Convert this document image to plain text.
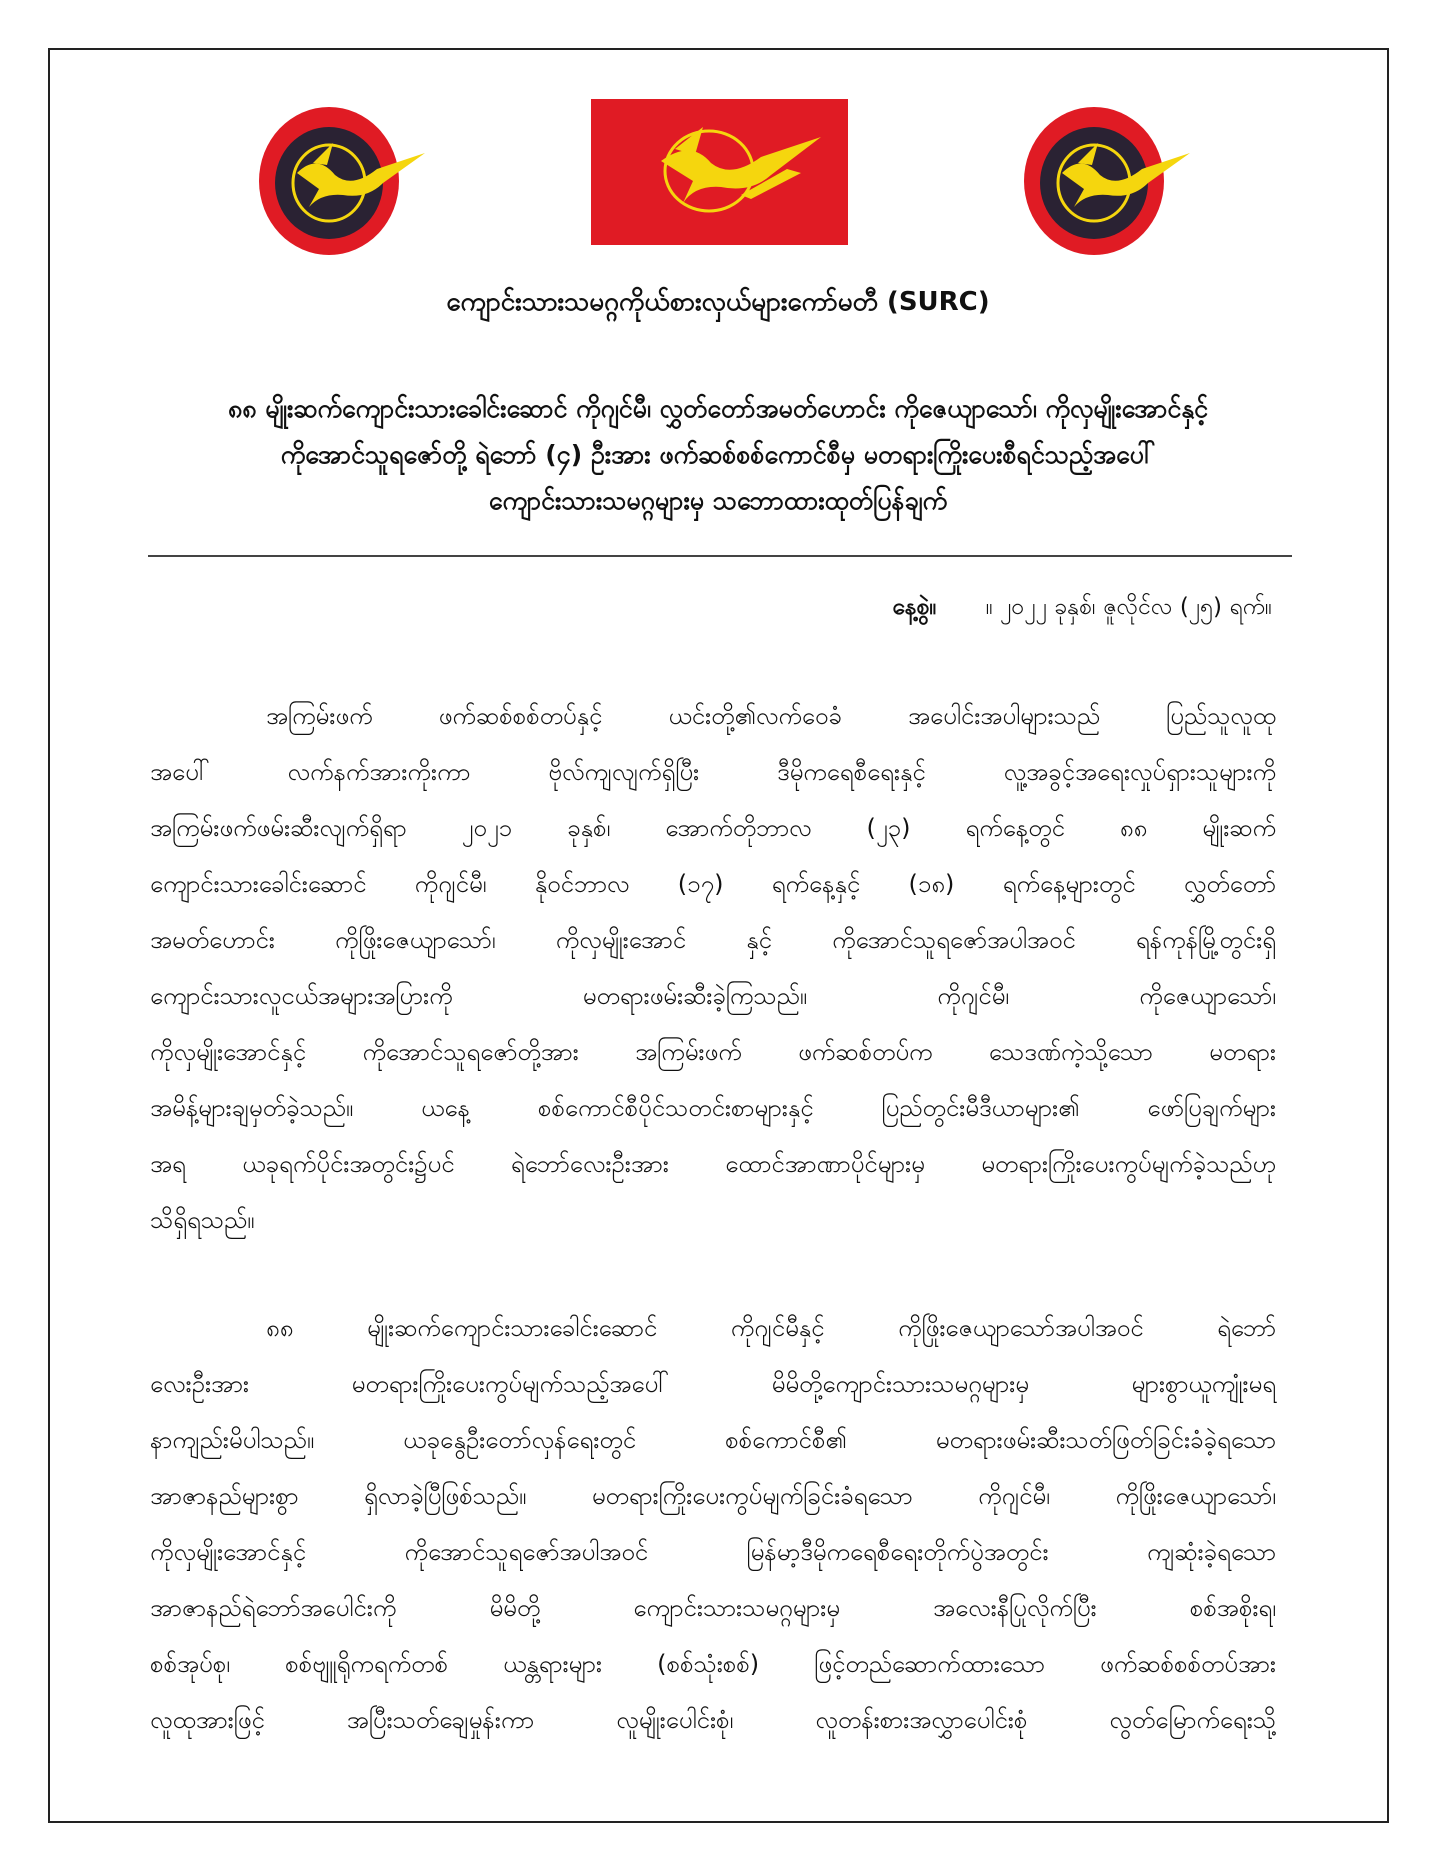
ကျောင်းသားသမဂ္ဂကိုယ်စားလှယ်များကော်မတီ (SURC)
၈၈ မျိုးဆက်ကျောင်းသားခေါင်းဆောင် ကိုဂျင်မီ၊ လွှတ်တော်အမတ်ဟောင်း ကိုဇေယျာသော်၊ ကိုလှမျိုးအောင်နှင့်
ကိုအောင်သူရဇော်တို့ ရဲဘော် (၄) ဦးအား ဖက်ဆစ်စစ်ကောင်စီမှ မတရားကြိုးပေးစီရင်သည့်အပေါ်
ကျောင်းသားသမဂ္ဂများမှ သဘောထားထုတ်ပြန်ချက်
နေ့စွဲ။ ။ ၂၀၂၂ ခုနှစ်၊ ဇူလိုင်လ (၂၅) ရက်။
အကြမ်းဖက် ဖက်ဆစ်စစ်တပ်နှင့် ယင်းတို့၏လက်ဝေခံ အပေါင်းအပါများသည် ပြည်သူလူထု
အပေါ် လက်နက်အားကိုးကာ ဗိုလ်ကျလျက်ရှိပြီး ဒီမိုကရေစီရေးနှင့် လူ့အခွင့်အရေးလှုပ်ရှားသူများကို
အကြမ်းဖက်ဖမ်းဆီးလျက်ရှိရာ ၂၀၂၁ ခုနှစ်၊ အောက်တိုဘာလ (၂၃) ရက်နေ့တွင် ၈၈ မျိုးဆက်
ကျောင်းသားခေါင်းဆောင် ကိုဂျင်မီ၊ နိုဝင်ဘာလ (၁၇) ရက်နေ့နှင့် (၁၈) ရက်နေ့များတွင် လွှတ်တော်
အမတ်ဟောင်း ကိုဖြိုးဇေယျာသော်၊ ကိုလှမျိုးအောင် နှင့် ကိုအောင်သူရဇော်အပါအဝင် ရန်ကုန်မြို့တွင်းရှိ
ကျောင်းသားလူငယ်အများအပြားကို မတရားဖမ်းဆီးခဲ့ကြသည်။ ကိုဂျင်မီ၊ ကိုဇေယျာသော်၊
ကိုလှမျိုးအောင်နှင့် ကိုအောင်သူရဇော်တို့အား အကြမ်းဖက် ဖက်ဆစ်တပ်က သေဒဏ်ကဲ့သို့သော မတရား
အမိန့်များချမှတ်ခဲ့သည်။ ယနေ့ စစ်ကောင်စီပိုင်သတင်းစာများနှင့် ပြည်တွင်းမီဒီယာများ၏ ဖော်ပြချက်များ
အရ ယခုရက်ပိုင်းအတွင်း၌ပင် ရဲဘော်လေးဦးအား ထောင်အာဏာပိုင်များမှ မတရားကြိုးပေးကွပ်မျက်ခဲ့သည်ဟု
သိရှိရသည်။
၈၈ မျိုးဆက်ကျောင်းသားခေါင်းဆောင် ကိုဂျင်မီနှင့် ကိုဖြိုးဇေယျာသော်အပါအဝင် ရဲဘော်
လေးဦးအား မတရားကြိုးပေးကွပ်မျက်သည့်အပေါ် မိမိတို့ကျောင်းသားသမဂ္ဂများမှ များစွာယူကျုံးမရ
နာကျည်းမိပါသည်။ ယခုနွေဦးတော်လှန်ရေးတွင် စစ်ကောင်စီ၏ မတရားဖမ်းဆီးသတ်ဖြတ်ခြင်းခံခဲ့ရသော
အာဇာနည်များစွာ ရှိလာခဲ့ပြီဖြစ်သည်။ မတရားကြိုးပေးကွပ်မျက်ခြင်းခံရသော ကိုဂျင်မီ၊ ကိုဖြိုးဇေယျာသော်၊
ကိုလှမျိုးအောင်နှင့် ကိုအောင်သူရဇော်အပါအဝင် မြန်မာ့ဒီမိုကရေစီရေးတိုက်ပွဲအတွင်း ကျဆုံးခဲ့ရသော
အာဇာနည်ရဲဘော်အပေါင်းကို မိမိတို့ ကျောင်းသားသမဂ္ဂများမှ အလေးနီပြုလိုက်ပြီး စစ်အစိုးရ၊
စစ်အုပ်စု၊ စစ်ဗျူရိုကရက်တစ် ယန္တရားများ (စစ်သုံးစစ်) ဖြင့်တည်ဆောက်ထားသော ဖက်ဆစ်စစ်တပ်အား
လူထုအားဖြင့် အပြီးသတ်ချေမှုန်းကာ လူမျိုးပေါင်းစုံ၊ လူတန်းစားအလွှာပေါင်းစုံ လွတ်မြောက်ရေးသို့
